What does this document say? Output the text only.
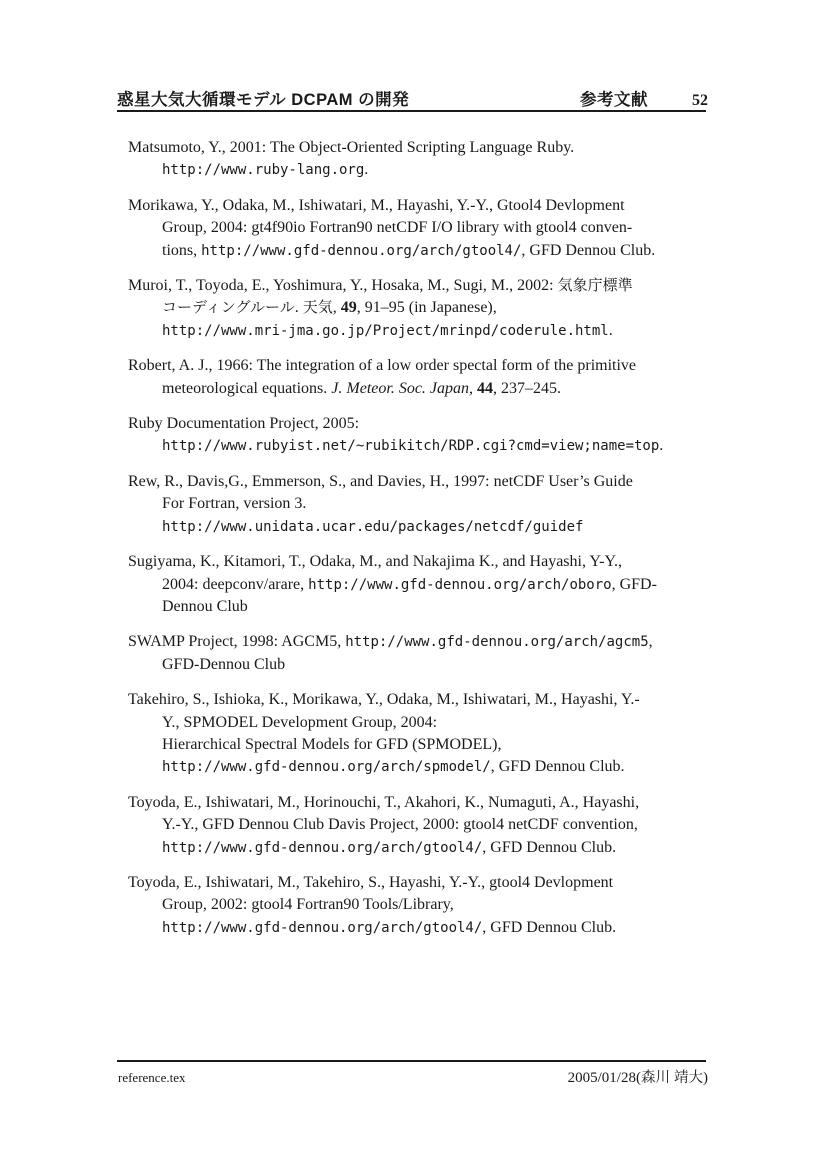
惑星大気大循環モデル DCPAM の開発	参考文献	52

Matsumoto, Y., 2001: The Object-Oriented Scripting Language Ruby.
http://www.ruby-lang.org.

Morikawa, Y., Odaka, M., Ishiwatari, M., Hayashi, Y.-Y., Gtool4 Devlopment
Group, 2004: gt4f90io Fortran90 netCDF I/O library with gtool4 conven-
tions, http://www.gfd-dennou.org/arch/gtool4/, GFD Dennou Club.

Muroi, T., Toyoda, E., Yoshimura, Y., Hosaka, M., Sugi, M., 2002: 気象庁標準
コーディングルール. 天気, 49, 91–95 (in Japanese),
http://www.mri-jma.go.jp/Project/mrinpd/coderule.html.

Robert, A. J., 1966: The integration of a low order spectal form of the primitive
meteorological equations. J. Meteor. Soc. Japan, 44, 237–245.

Ruby Documentation Project, 2005:
http://www.rubyist.net/~rubikitch/RDP.cgi?cmd=view;name=top.

Rew, R., Davis,G., Emmerson, S., and Davies, H., 1997: netCDF User’s Guide
For Fortran, version 3.
http://www.unidata.ucar.edu/packages/netcdf/guidef

Sugiyama, K., Kitamori, T., Odaka, M., and Nakajima K., and Hayashi, Y-Y.,
2004: deepconv/arare, http://www.gfd-dennou.org/arch/oboro, GFD-
Dennou Club

SWAMP Project, 1998: AGCM5, http://www.gfd-dennou.org/arch/agcm5,
GFD-Dennou Club

Takehiro, S., Ishioka, K., Morikawa, Y., Odaka, M., Ishiwatari, M., Hayashi, Y.-
Y., SPMODEL Development Group, 2004:
Hierarchical Spectral Models for GFD (SPMODEL),
http://www.gfd-dennou.org/arch/spmodel/, GFD Dennou Club.

Toyoda, E., Ishiwatari, M., Horinouchi, T., Akahori, K., Numaguti, A., Hayashi,
Y.-Y., GFD Dennou Club Davis Project, 2000: gtool4 netCDF convention,
http://www.gfd-dennou.org/arch/gtool4/, GFD Dennou Club.

Toyoda, E., Ishiwatari, M., Takehiro, S., Hayashi, Y.-Y., gtool4 Devlopment
Group, 2002: gtool4 Fortran90 Tools/Library,
http://www.gfd-dennou.org/arch/gtool4/, GFD Dennou Club.

reference.tex	2005/01/28(森川 靖大)
